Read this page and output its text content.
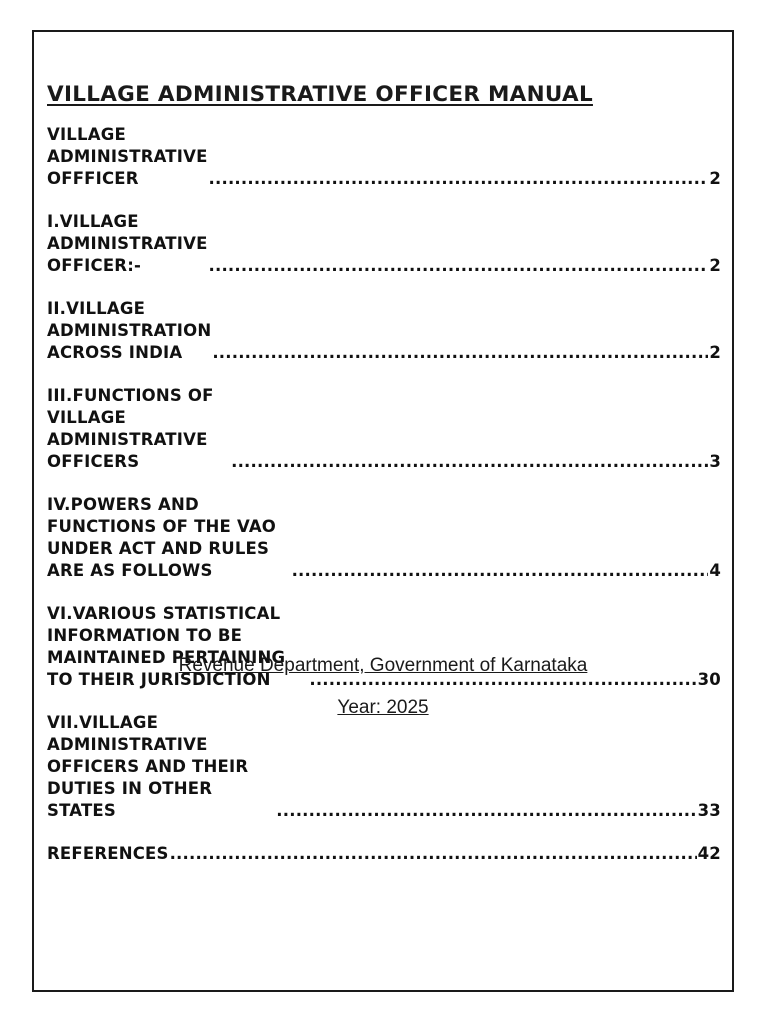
VILLAGE ADMINISTRATIVE OFFICER MANUAL
VILLAGE ADMINISTRATIVE OFFFICER .....	2
I.VILLAGE ADMINISTRATIVE OFFICER:- .....	2
II.VILLAGE ADMINISTRATION ACROSS INDIA .....	2
III.FUNCTIONS OF VILLAGE ADMINISTRATIVE OFFICERS .....	3
IV.POWERS AND FUNCTIONS OF THE VAO UNDER ACT AND RULES ARE AS FOLLOWS .....	4
VI.VARIOUS STATISTICAL INFORMATION TO BE MAINTAINED PERTAINING TO THEIR JURISDICTION .....	30
VII.VILLAGE ADMINISTRATIVE OFFICERS AND THEIR DUTIES IN OTHER STATES .....	33
REFERENCES .....	42
Revenue Department, Government of Karnataka
Year: 2025
